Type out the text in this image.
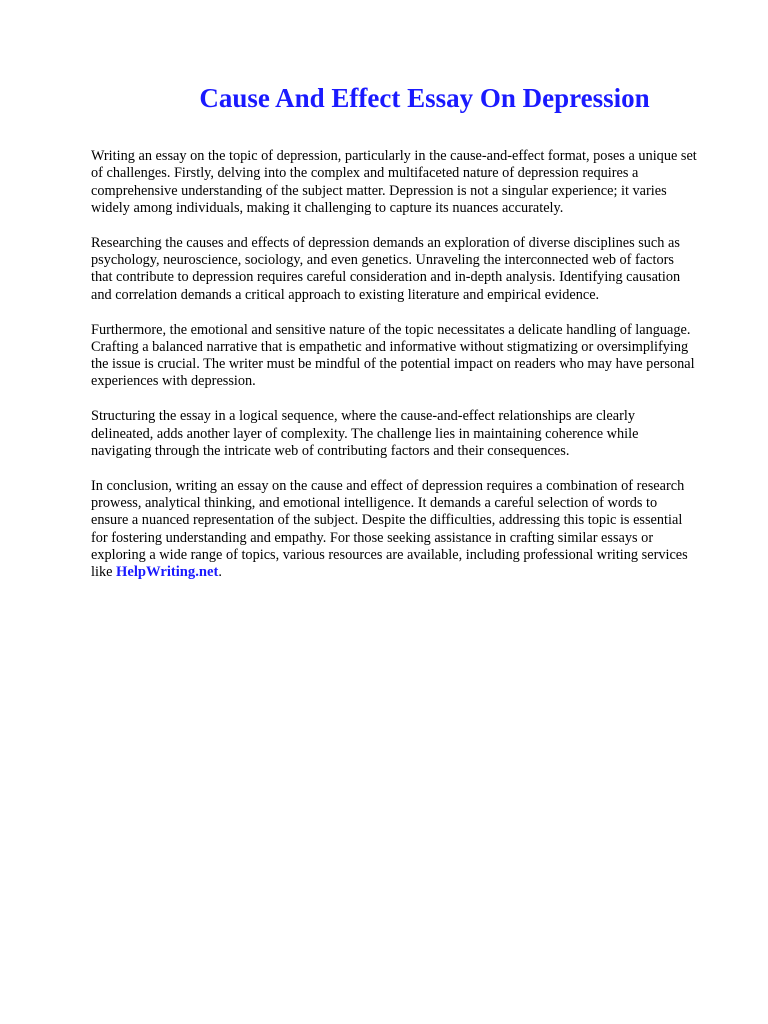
Cause And Effect Essay On Depression

Writing an essay on the topic of depression, particularly in the cause-and-effect format, poses a unique set of challenges. Firstly, delving into the complex and multifaceted nature of depression requires a comprehensive understanding of the subject matter. Depression is not a singular experience; it varies widely among individuals, making it challenging to capture its nuances accurately.

Researching the causes and effects of depression demands an exploration of diverse disciplines such as psychology, neuroscience, sociology, and even genetics. Unraveling the interconnected web of factors that contribute to depression requires careful consideration and in-depth analysis. Identifying causation and correlation demands a critical approach to existing literature and empirical evidence.

Furthermore, the emotional and sensitive nature of the topic necessitates a delicate handling of language. Crafting a balanced narrative that is empathetic and informative without stigmatizing or oversimplifying the issue is crucial. The writer must be mindful of the potential impact on readers who may have personal experiences with depression.

Structuring the essay in a logical sequence, where the cause-and-effect relationships are clearly delineated, adds another layer of complexity. The challenge lies in maintaining coherence while navigating through the intricate web of contributing factors and their consequences.

In conclusion, writing an essay on the cause and effect of depression requires a combination of research prowess, analytical thinking, and emotional intelligence. It demands a careful selection of words to ensure a nuanced representation of the subject. Despite the difficulties, addressing this topic is essential for fostering understanding and empathy. For those seeking assistance in crafting similar essays or exploring a wide range of topics, various resources are available, including professional writing services like HelpWriting.net.
